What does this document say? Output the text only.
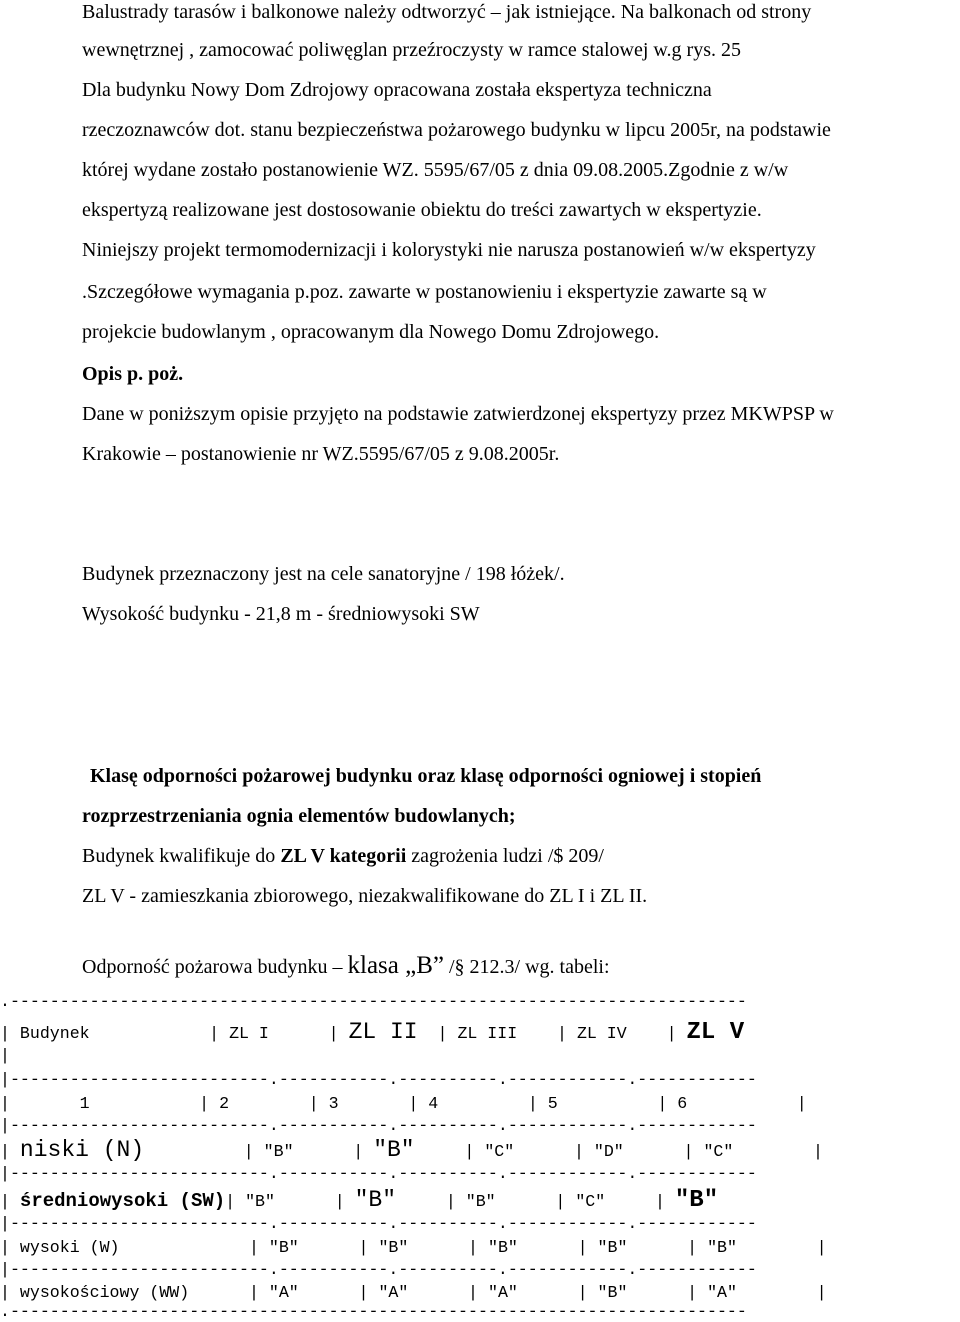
Balustrady tarasów i balkonowe należy odtworzyć – jak istniejące. Na balkonach od strony
wewnętrznej , zamocować poliwęglan przeźroczysty w ramce stalowej w.g rys. 25
Dla budynku Nowy Dom Zdrojowy opracowana została ekspertyza techniczna
rzeczoznawców dot. stanu bezpieczeństwa pożarowego budynku w lipcu 2005r, na podstawie
której wydane zostało postanowienie WZ. 5595/67/05 z dnia 09.08.2005.Zgodnie z w/w
ekspertyzą realizowane jest dostosowanie obiektu do treści zawartych w ekspertyzie.
Niniejszy projekt termomodernizacji i kolorystyki nie narusza postanowień w/w ekspertyzy
.Szczegółowe wymagania p.poz. zawarte w postanowieniu i ekspertyzie zawarte są w
projekcie budowlanym , opracowanym dla Nowego Domu Zdrojowego.
Opis p. poż.
Dane w poniższym opisie przyjęto na podstawie zatwierdzonej ekspertyzy przez MKWPSP w
Krakowie – postanowienie nr WZ.5595/67/05 z 9.08.2005r.
Budynek przeznaczony jest na cele sanatoryjne / 198 łóżek/.
Wysokość budynku - 21,8 m - średniowysoki SW
Klasę odporności pożarowej budynku oraz klasę odporności ogniowej i stopień
rozprzestrzeniania ognia elementów budowlanych;
Budynek kwalifikuje do ZL V kategorii zagrożenia ludzi /$ 209/
ZL V - zamieszkania zbiorowego, niezakwalifikowane do ZL I i ZL II.
Odporność pożarowa budynku – klasa „B” /§ 212.3/ wg. tabeli:
.--------------------------------------------------------------------------
| Budynek            | ZL I      | ZL II  | ZL III    | ZL IV    | ZL V
|
|--------------------------.-----------.----------.------------.------------
|       1           | 2        | 3       | 4         | 5          | 6           |
|--------------------------.-----------.----------.------------.------------
| niski (N)          | "B"      | "B"     | "C"      | "D"      | "C"        |
|--------------------------.-----------.----------.------------.------------
| średniowysoki (SW)| "B"      | "B"     | "B"      | "C"     | "B"
|--------------------------.-----------.----------.------------.------------
| wysoki (W)             | "B"      | "B"      | "B"      | "B"      | "B"        |
|--------------------------.-----------.----------.------------.------------
| wysokościowy (WW)      | "A"      | "A"      | "A"      | "B"      | "A"        |
.--------------------------------------------------------------------------
